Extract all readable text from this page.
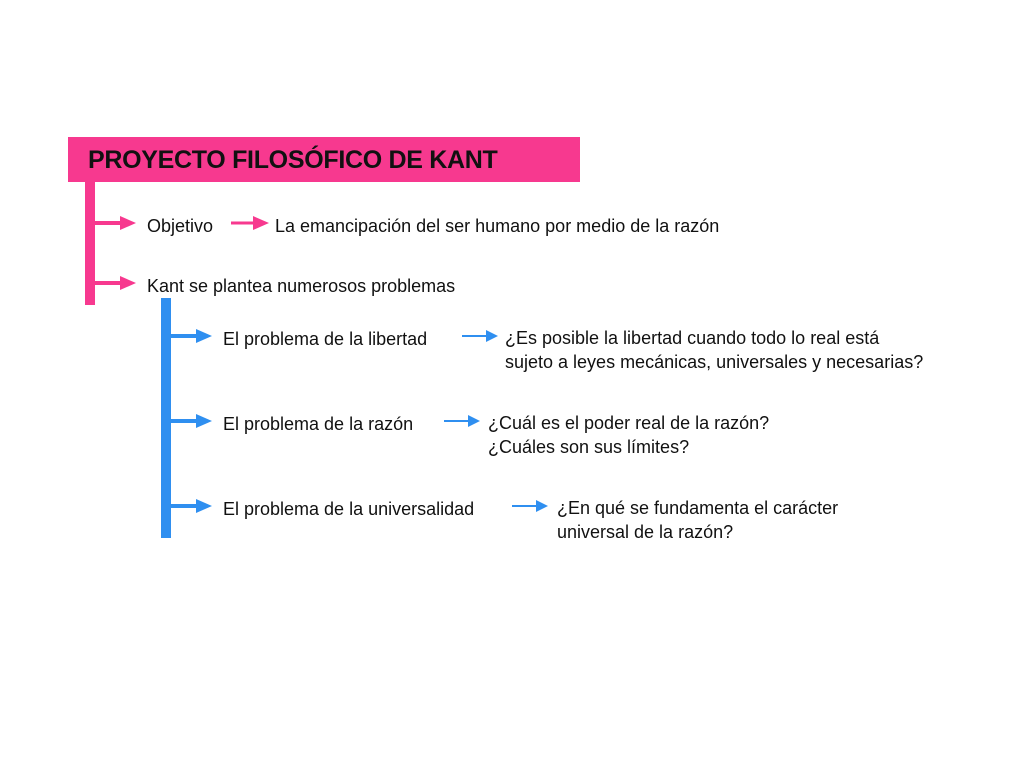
PROYECTO FILOSÓFICO DE KANT
Objetivo	La emancipación del ser humano por medio de la razón
Kant se plantea numerosos problemas
El problema de la libertad	¿Es posible la libertad cuando todo lo real está
sujeto a leyes mecánicas, universales y necesarias?
El problema de la razón	¿Cuál es el poder real de la razón?
¿Cuáles son sus límites?
El problema de la universalidad	¿En qué se fundamenta el carácter
universal de la razón?
